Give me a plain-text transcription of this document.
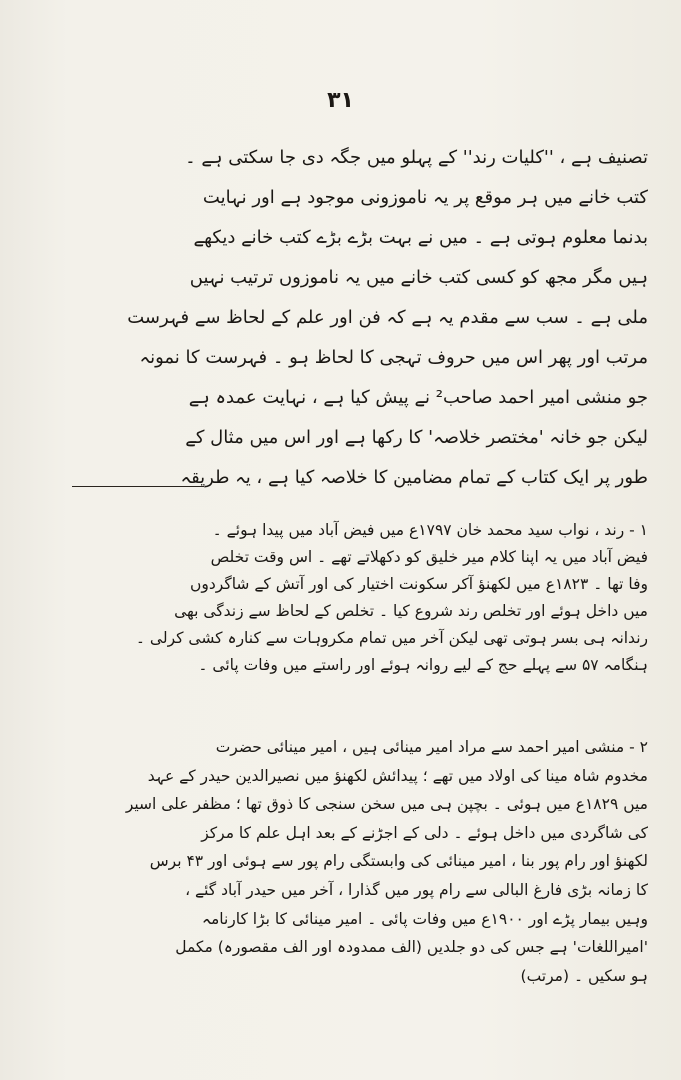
۳۱
تصنیف ہے ، ''کلیات رند'' کے پہلو میں جگہ دی جا سکتی ہے ۔
کتب خانے میں ہر موقع پر یہ ناموزونی موجود ہے اور نہایت
بدنما معلوم ہوتی ہے ۔ میں نے بہت بڑے بڑے کتب خانے دیکھے
ہیں مگر مجھ کو کسی کتب خانے میں یہ ناموزوں ترتیب نہیں
ملی ہے ۔ سب سے مقدم یہ ہے کہ فن اور علم کے لحاظ سے فہرست
مرتب اور پھر اس میں حروف تہجی کا لحاظ ہو ۔ فہرست کا نمونہ
جو منشی امیر احمد صاحب² نے پیش کیا ہے ، نہایت عمدہ ہے
لیکن جو خانہ 'مختصر خلاصہ' کا رکھا ہے اور اس میں مثال کے
طور پر ایک کتاب کے تمام مضامین کا خلاصہ کیا ہے ، یہ طریقہ
۱ - رند ، نواب سید محمد خان ۱۷۹۷ع میں فیض آباد میں پیدا ہوئے ۔
فیض آباد میں یہ اپنا کلام میر خلیق کو دکھلاتے تھے ۔ اس وقت تخلص
وفا تھا ۔ ۱۸۲۳ع میں لکھنؤ آکر سکونت اختیار کی اور آتش کے شاگردوں
میں داخل ہوئے اور تخلص رند شروع کیا ۔ تخلص کے لحاظ سے زندگی بھی
رندانہ ہی بسر ہوتی تھی لیکن آخر میں تمام مکروہات سے کنارہ کشی کرلی ۔
ہنگامہ ۵۷ سے پہلے حج کے لیے روانہ ہوئے اور راستے میں وفات پائی ۔
۲ - منشی امیر احمد سے مراد امیر مینائی ہیں ، امیر مینائی حضرت
مخدوم شاہ مینا کی اولاد میں تھے ؛ پیدائش لکھنؤ میں نصیرالدین حیدر کے عہد
میں ۱۸۲۹ع میں ہوئی ۔ بچپن ہی میں سخن سنجی کا ذوق تھا ؛ مظفر علی اسیر
کی شاگردی میں داخل ہوئے ۔ دلی کے اجڑنے کے بعد اہل علم کا مرکز
لکھنؤ اور رام پور بنا ، امیر مینائی کی وابستگی رام پور سے ہوئی اور ۴۳ برس
کا زمانہ بڑی فارغ البالی سے رام پور میں گذارا ، آخر میں حیدر آباد گئے ،
وہیں بیمار پڑے اور ۱۹۰۰ع میں وفات پائی ۔ امیر مینائی کا بڑا کارنامہ
'امیراللغات' ہے جس کی دو جلدیں (الف ممدودہ اور الف مقصورہ) مکمل
ہو سکیں ۔ (مرتب)
